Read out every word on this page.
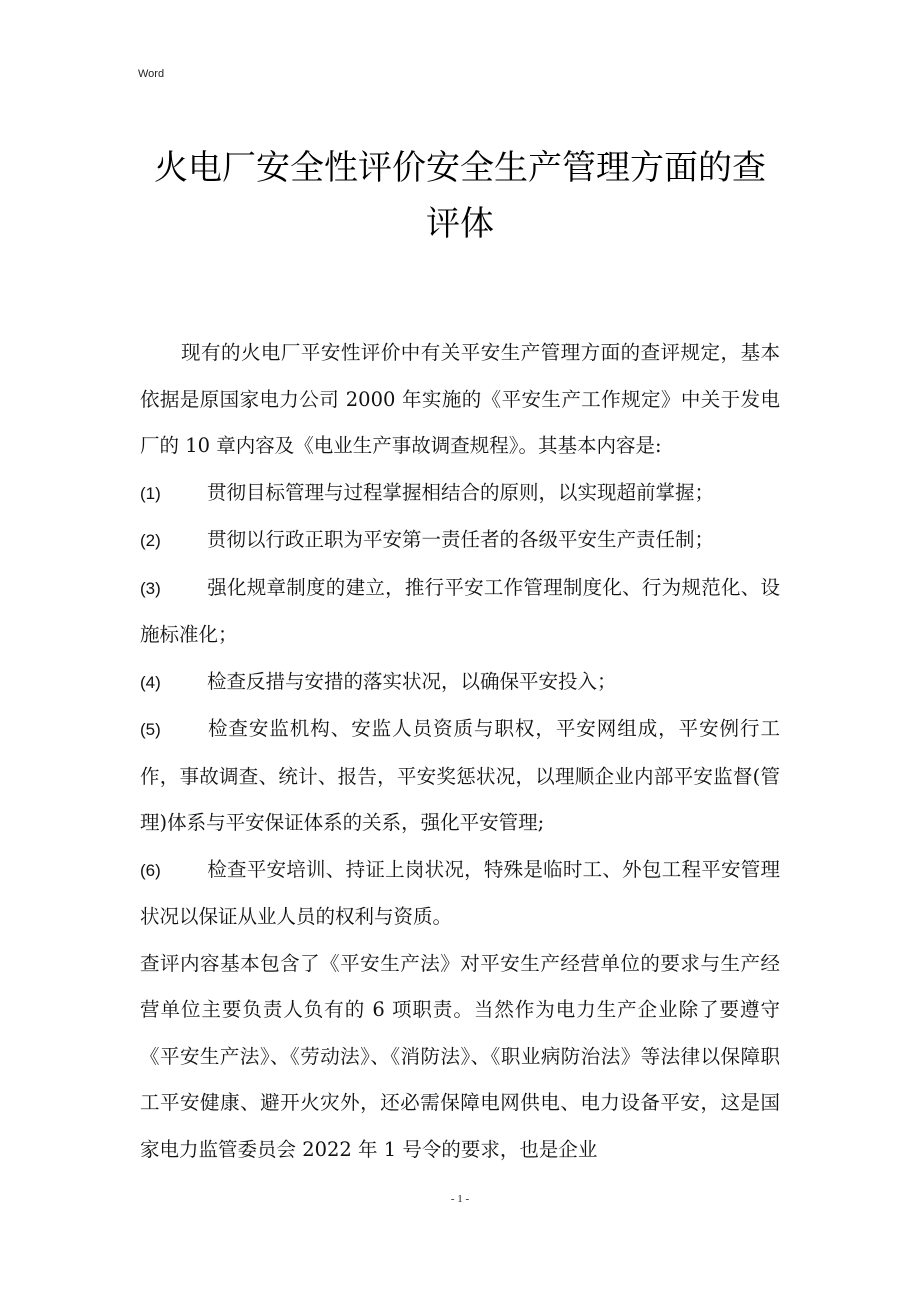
Word
火电厂安全性评价安全生产管理方面的查
评体

现有的火电厂平安性评价中有关平安生产管理方面的查评规定，基本依据是原国家电力公司 2000 年实施的《平安生产工作规定》中关于发电厂的 10 章内容及《电业生产事故调查规程》。其基本内容是:

(1) 贯彻目标管理与过程掌握相结合的原则，以实现超前掌握；

(2) 贯彻以行政正职为平安第一责任者的各级平安生产责任制；

(3) 强化规章制度的建立，推行平安工作管理制度化、行为规范化、设施标准化；

(4) 检查反措与安措的落实状况，以确保平安投入；

(5) 检查安监机构、安监人员资质与职权，平安网组成，平安例行工作，事故调查、统计、报告，平安奖惩状况，以理顺企业内部平安监督(管理)体系与平安保证体系的关系，强化平安管理;

(6) 检查平安培训、持证上岗状况，特殊是临时工、外包工程平安管理状况以保证从业人员的权利与资质。

查评内容基本包含了《平安生产法》对平安生产经营单位的要求与生产经营单位主要负责人负有的 6 项职责。当然作为电力生产企业除了要遵守《平安生产法》、《劳动法》、《消防法》、《职业病防治法》等法律以保障职工平安健康、避开火灾外，还必需保障电网供电、电力设备平安，这是国家电力监管委员会 2022 年 1 号令的要求，也是企业

- 1 -
